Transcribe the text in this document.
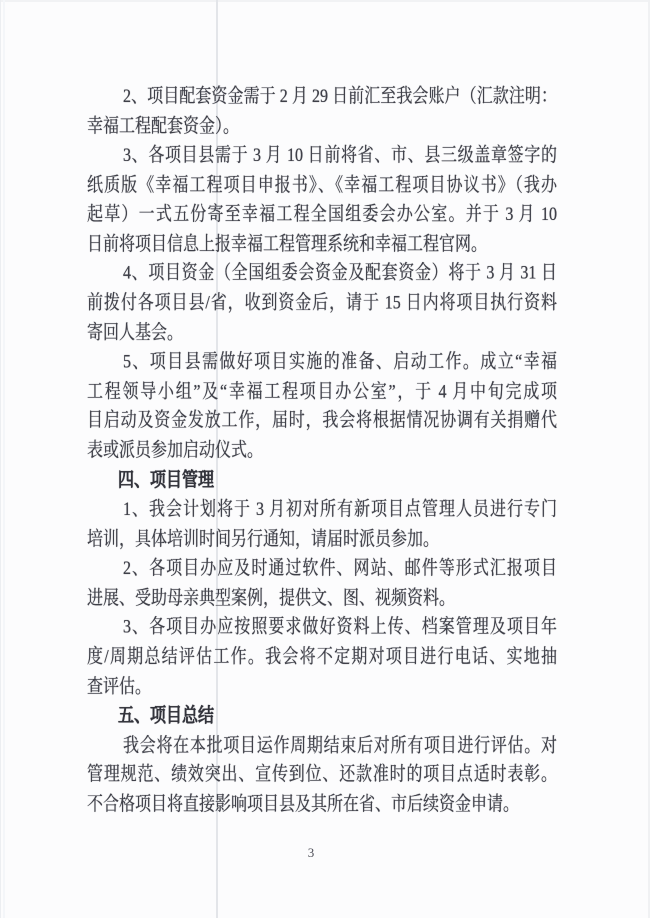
2、项目配套资金需于 2 月 29 日前汇至我会账户（汇款注明：
幸福工程配套资金）。
3、各项目县需于 3 月 10 日前将省、市、县三级盖章签字的
纸质版《幸福工程项目申报书》、《幸福工程项目协议书》（我办
起草）一式五份寄至幸福工程全国组委会办公室。并于 3 月 10
日前将项目信息上报幸福工程管理系统和幸福工程官网。
4、项目资金（全国组委会资金及配套资金）将于 3 月 31 日
前拨付各项目县/省，收到资金后，请于 15 日内将项目执行资料
寄回人基会。
5、项目县需做好项目实施的准备、启动工作。成立“幸福
工程领导小组”及“幸福工程项目办公室”，于 4 月中旬完成项
目启动及资金发放工作，届时，我会将根据情况协调有关捐赠代
表或派员参加启动仪式。
四、项目管理
1、我会计划将于 3 月初对所有新项目点管理人员进行专门
培训，具体培训时间另行通知，请届时派员参加。
2、各项目办应及时通过软件、网站、邮件等形式汇报项目
进展、受助母亲典型案例，提供文、图、视频资料。
3、各项目办应按照要求做好资料上传、档案管理及项目年
度/周期总结评估工作。我会将不定期对项目进行电话、实地抽
查评估。
五、项目总结
我会将在本批项目运作周期结束后对所有项目进行评估。对
管理规范、绩效突出、宣传到位、还款准时的项目点适时表彰。
不合格项目将直接影响项目县及其所在省、市后续资金申请。
3
